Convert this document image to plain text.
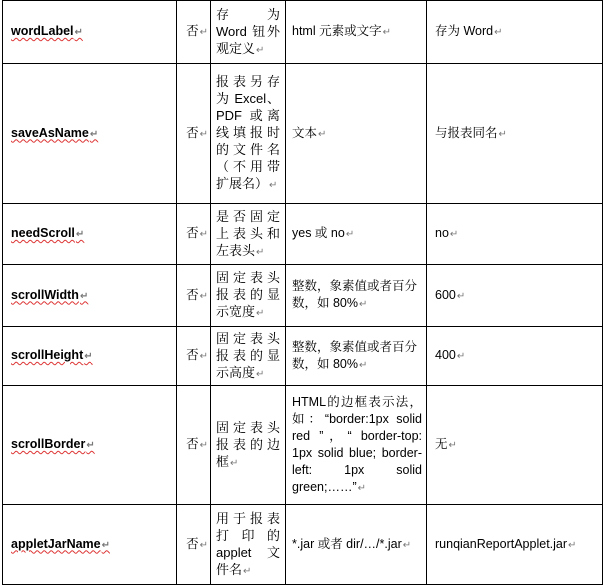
wordLabel↵	否↵	存 为 Word 钮外观定义↵	html 元素或文字↵	存为 Word↵
saveAsName↵	否↵	报表另存为 Excel、PDF 或离线填报时的文件名（不用带扩展名）↵	文本↵	与报表同名↵
needScroll↵	否↵	是否固定上表头和左表头↵	yes 或 no↵	no↵
scrollWidth↵	否↵	固定表头报表的显示宽度↵	整数，象素值或者百分数，如 80%↵	600↵
scrollHeight↵	否↵	固定表头报表的显示高度↵	整数，象素值或者百分数，如 80%↵	400↵
scrollBorder↵	否↵	固定表头报表的边框↵	HTML的边框表示法，如：“border:1px solid red ”，“ border-top: 1px solid blue; border-left: 1px solid green;……”↵	无↵
appletJarName↵	否↵	用于报表打印的 applet 文件名↵	*.jar 或者 dir/…/*.jar↵	runqianReportApplet.jar↵
